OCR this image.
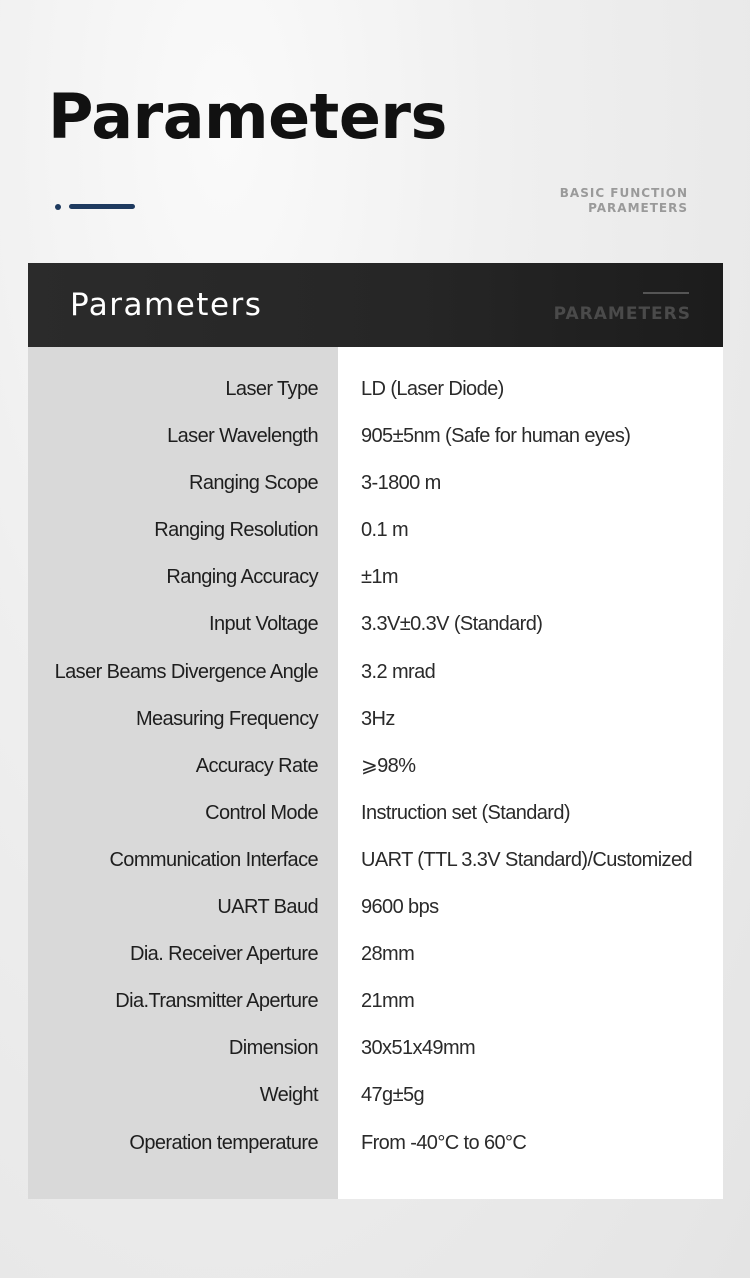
Parameters
BASIC FUNCTION
PARAMETERS
Parameters	PARAMETERS
Laser Type LD (Laser Diode)
Laser Wavelength 905±5nm (Safe for human eyes)
Ranging Scope 3-1800 m
Ranging Resolution 0.1 m
Ranging Accuracy ±1m
Input Voltage 3.3V±0.3V (Standard)
Laser Beams Divergence Angle 3.2 mrad
Measuring Frequency 3Hz
Accuracy Rate ⩾98%
Control Mode Instruction set (Standard)
Communication Interface UART (TTL 3.3V Standard)/Customized
UART Baud 9600 bps
Dia. Receiver Aperture 28mm
Dia.Transmitter Aperture 21mm
Dimension 30x51x49mm
Weight 47g±5g
Operation temperature From -40°C to 60°C
